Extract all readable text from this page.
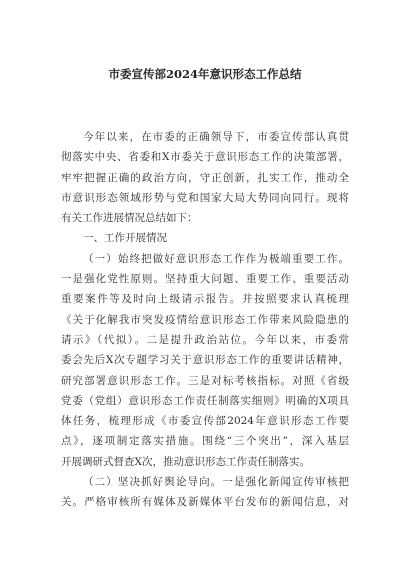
市委宣传部2024年意识形态工作总结
今年以来，在市委的正确领导下，市委宣传部认真贯
彻落实中央、省委和X市委关于意识形态工作的决策部署，
牢牢把握正确的政治方向，守正创新，扎实工作，推动全
市意识形态领域形势与党和国家大局大势同向同行。现将
有关工作进展情况总结如下：
一、工作开展情况
（一）始终把做好意识形态工作作为极端重要工作。
一是强化党性原则。坚持重大问题、重要工作、重要活动
重要案件等及时向上级请示报告。并按照要求认真梳理
《关于化解我市突发疫情给意识形态工作带来风险隐患的
请示》（代拟）。二是提升政治站位。今年以来，市委常
委会先后X次专题学习关于意识形态工作的重要讲话精神，
研究部署意识形态工作。三是对标考核指标。对照《省级
党委（党组）意识形态工作责任制落实细则》明确的X项具
体任务，梳理形成《市委宣传部2024年意识形态工作要
点》，逐项制定落实措施。围绕“三个突出”，深入基层
开展调研式督查X次，推动意识形态工作责任制落实。
（二）坚决抓好舆论导向。一是强化新闻宣传审核把
关。严格审核所有媒体及新媒体平台发布的新闻信息，对
